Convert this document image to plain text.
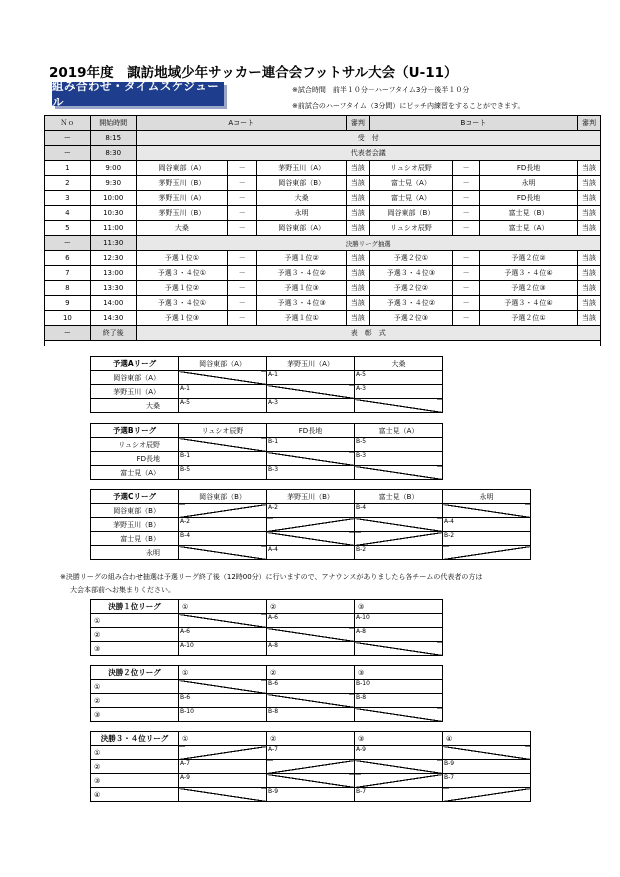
2019年度　諏訪地域少年サッカー連合会フットサル大会（U-11）
組み合わせ・タイムスケジュール
※試合時間　前半１０分－ハーフタイム3分－後半１０分
※前試合のハーフタイム（3分間）にピッチ内練習をすることができます。
Ｎｏ	開始時間	Aコート			審判	Bコート			審判
ー	8:15	受　付							
ー	8:30	代表者会議							
1	9:00	岡谷東部（A）	－	茅野玉川（A）	当該	リュシオ辰野	－	FD長地	当該
2	9:30	茅野玉川（B）	－	岡谷東部（B）	当該	富士見（A）	－	永明	当該
3	10:00	茅野玉川（A）	－	大桑	当該	富士見（A）	－	FD長地	当該
4	10:30	茅野玉川（B）	－	永明	当該	岡谷東部（B）	－	富士見（B）	当該
5	11:00	大桑	－	岡谷東部（A）	当該	リュシオ辰野	－	富士見（A）	当該
ー	11:30	決勝リーグ抽選							
6	12:30	予選１位①	－	予選１位②	当該	予選２位①	－	予選２位②	当該
7	13:00	予選３・４位①	－	予選３・４位②	当該	予選３・４位③	－	予選３・４位④	当該
8	13:30	予選１位②	－	予選１位③	当該	予選２位②	－	予選２位③	当該
9	14:00	予選３・４位①	－	予選３・４位③	当該	予選３・４位②	－	予選３・４位④	当該
10	14:30	予選１位③	－	予選１位①	当該	予選２位③	－	予選２位①	当該
ー	終了後	表　彰　式							

予選Aリーグ	岡谷東部（A）	茅野玉川（A）	大桑
岡谷東部（A）		A-1	A-5
茅野玉川（A）	A-1		A-3
大桑	A-5	A-3	
予選Bリーグ	リュシオ辰野	FD長地	富士見（A）
リュシオ辰野		B-1	B-5
FD長地	B-1		B-3
富士見（A）	B-5	B-3	
予選Cリーグ	岡谷東部（B）	茅野玉川（B）	富士見（B）	永明
岡谷東部（B）		A-2	B-4	
茅野玉川（B）	A-2			A-4
富士見（B）	B-4			B-2
永明		A-4	B-2	
決勝１位リーグ	①	②	③
①		A-6	A-10
②	A-6		A-8
③	A-10	A-8	
決勝２位リーグ	①	②	③
①		B-6	B-10
②	B-6		B-8
③	B-10	B-8	
決勝３・４位リーグ	①	②	③	④
①		A-7	A-9	
②	A-7			B-9
③	A-9			B-7
④		B-9	B-7	
※決勝リーグの組み合わせ抽選は予選リーグ終了後（12時00分）に行いますので、アナウンスがありましたら各チームの代表者の方は
大会本部前へお集まりください。
